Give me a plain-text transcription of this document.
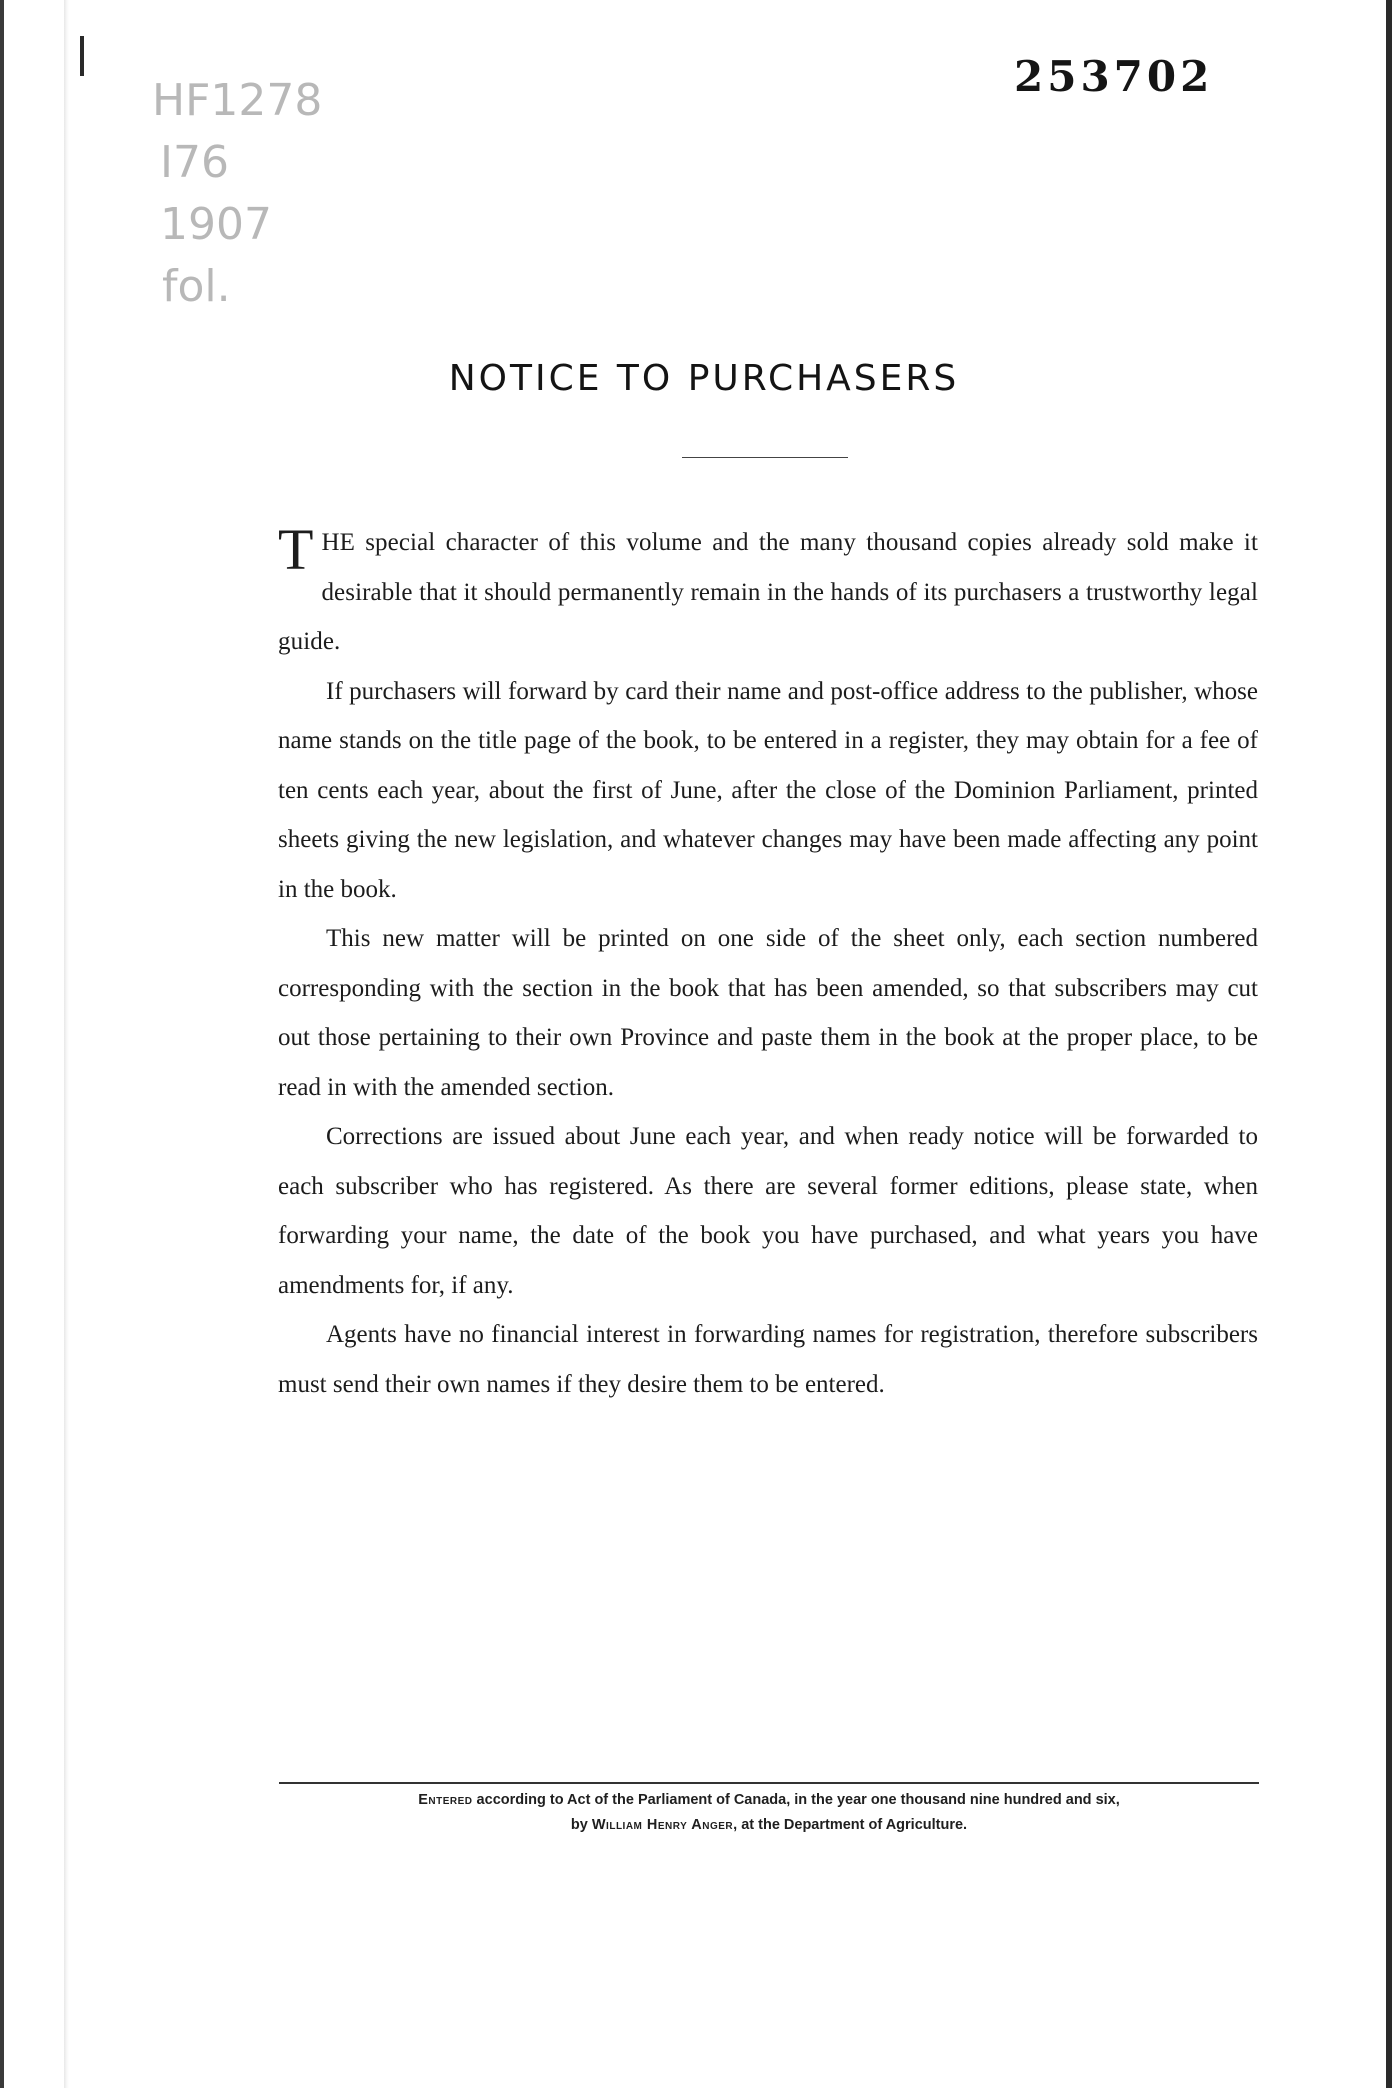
253702
HF1278
I76
1907
fol.
NOTICE TO PURCHASERS

THE special character of this volume and the many thousand copies already sold make it desirable that it should permanently remain in the hands of its purchasers a trustworthy legal guide.

If purchasers will forward by card their name and post-office address to the publisher, whose name stands on the title page of the book, to be entered in a register, they may obtain for a fee of ten cents each year, about the first of June, after the close of the Dominion Parliament, printed sheets giving the new legislation, and whatever changes may have been made affecting any point in the book.

This new matter will be printed on one side of the sheet only, each section numbered corresponding with the section in the book that has been amended, so that subscribers may cut out those pertaining to their own Province and paste them in the book at the proper place, to be read in with the amended section.

Corrections are issued about June each year, and when ready notice will be forwarded to each subscriber who has registered. As there are several former editions, please state, when forwarding your name, the date of the book you have purchased, and what years you have amendments for, if any.

Agents have no financial interest in forwarding names for registration, therefore subscribers must send their own names if they desire them to be entered.

Entered according to Act of the Parliament of Canada, in the year one thousand nine hundred and six,
by William Henry Anger, at the Department of Agriculture.
